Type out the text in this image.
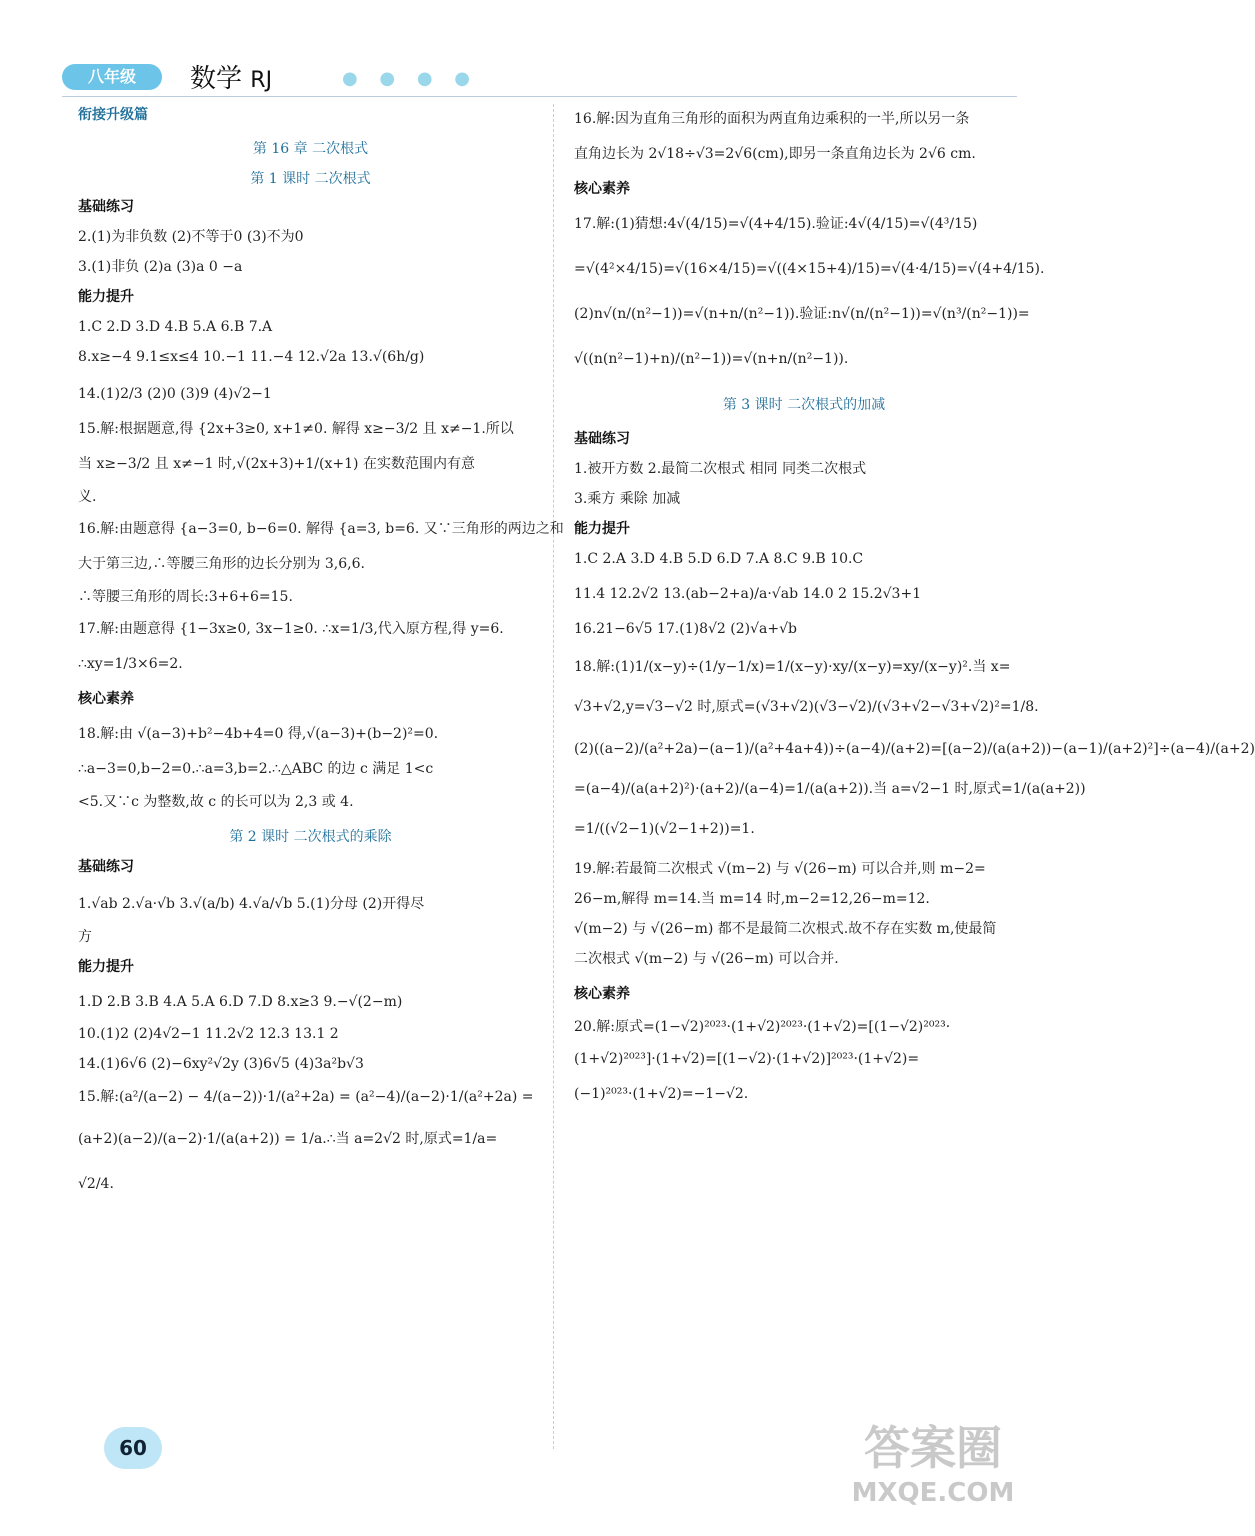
八年级	数学 RJ	● ● ● ●
衔接升级篇
第 16 章 二次根式
第 1 课时 二次根式
基础练习
2.(1)为非负数 (2)不等于0 (3)不为0
3.(1)非负 (2)a (3)a 0 −a
能力提升
1.C 2.D 3.D 4.B 5.A 6.B 7.A
8.x≥−4 9.1≤x≤4 10.−1 11.−4 12.√2a 13.√(6h/g)
14.(1)2/3 (2)0 (3)9 (4)√2−1
15.解:根据题意,得 {2x+3≥0, x+1≠0. 解得 x≥−3/2 且 x≠−1.所以
当 x≥−3/2 且 x≠−1 时,√(2x+3)+1/(x+1) 在实数范围内有意
义.
16.解:由题意得 {a−3=0, b−6=0. 解得 {a=3, b=6. 又∵三角形的两边之和
大于第三边,∴等腰三角形的边长分别为 3,6,6.
∴等腰三角形的周长:3+6+6=15.
17.解:由题意得 {1−3x≥0, 3x−1≥0. ∴x=1/3,代入原方程,得 y=6.
∴xy=1/3×6=2.
核心素养
18.解:由 √(a−3)+b²−4b+4=0 得,√(a−3)+(b−2)²=0.
∴a−3=0,b−2=0.∴a=3,b=2.∴△ABC 的边 c 满足 1<c
<5.又∵c 为整数,故 c 的长可以为 2,3 或 4.
第 2 课时 二次根式的乘除
基础练习
1.√ab 2.√a·√b 3.√(a/b) 4.√a/√b 5.(1)分母 (2)开得尽
方
能力提升
1.D 2.B 3.B 4.A 5.A 6.D 7.D 8.x≥3 9.−√(2−m)
10.(1)2 (2)4√2−1 11.2√2 12.3 13.1 2
14.(1)6√6 (2)−6xy²√2y (3)6√5 (4)3a²b√3
15.解:(a²/(a−2) − 4/(a−2))·1/(a²+2a) = (a²−4)/(a−2)·1/(a²+2a) =
(a+2)(a−2)/(a−2)·1/(a(a+2)) = 1/a.∴当 a=2√2 时,原式=1/a=
√2/4.
16.解:因为直角三角形的面积为两直角边乘积的一半,所以另一条
直角边长为 2√18÷√3=2√6(cm),即另一条直角边长为 2√6 cm.
核心素养
17.解:(1)猜想:4√(4/15)=√(4+4/15).验证:4√(4/15)=√(4³/15)
=√(4²×4/15)=√(16×4/15)=√((4×15+4)/15)=√(4·4/15)=√(4+4/15).
(2)n√(n/(n²−1))=√(n+n/(n²−1)).验证:n√(n/(n²−1))=√(n³/(n²−1))=
√((n(n²−1)+n)/(n²−1))=√(n+n/(n²−1)).
第 3 课时 二次根式的加减
基础练习
1.被开方数 2.最简二次根式 相同 同类二次根式
3.乘方 乘除 加减
能力提升
1.C 2.A 3.D 4.B 5.D 6.D 7.A 8.C 9.B 10.C
11.4 12.2√2 13.(ab−2+a)/a·√ab 14.0 2 15.2√3+1
16.21−6√5 17.(1)8√2 (2)√a+√b
18.解:(1)1/(x−y)÷(1/y−1/x)=1/(x−y)·xy/(x−y)=xy/(x−y)².当 x=
√3+√2,y=√3−√2 时,原式=(√3+√2)(√3−√2)/(√3+√2−√3+√2)²=1/8.
(2)((a−2)/(a²+2a)−(a−1)/(a²+4a+4))÷(a−4)/(a+2)=[(a−2)/(a(a+2))−(a−1)/(a+2)²]÷(a−4)/(a+2)
=(a−4)/(a(a+2)²)·(a+2)/(a−4)=1/(a(a+2)).当 a=√2−1 时,原式=1/(a(a+2))
=1/((√2−1)(√2−1+2))=1.
19.解:若最简二次根式 √(m−2) 与 √(26−m) 可以合并,则 m−2=
26−m,解得 m=14.当 m=14 时,m−2=12,26−m=12.
√(m−2) 与 √(26−m) 都不是最简二次根式.故不存在实数 m,使最简
二次根式 √(m−2) 与 √(26−m) 可以合并.
核心素养
20.解:原式=(1−√2)²⁰²³·(1+√2)²⁰²³·(1+√2)=[(1−√2)²⁰²³·
(1+√2)²⁰²³]·(1+√2)=[(1−√2)·(1+√2)]²⁰²³·(1+√2)=
(−1)²⁰²³·(1+√2)=−1−√2.
60	答案圈
MXQE.COM
